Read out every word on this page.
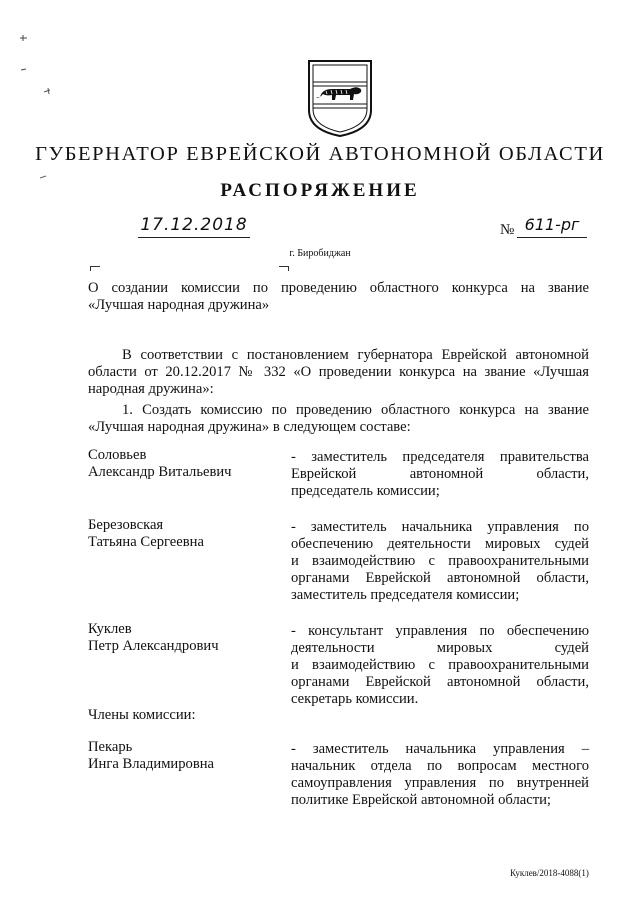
ГУБЕРНАТОР ЕВРЕЙСКОЙ АВТОНОМНОЙ ОБЛАСТИ
РАСПОРЯЖЕНИЕ
17.12.2018	№ 611-рг
г. Биробиджан
О создании комиссии по проведению областного конкурса на звание
«Лучшая народная дружина»
В соответствии с постановлением губернатора Еврейской автономной
области от 20.12.2017 № 332 «О проведении конкурса на звание «Лучшая
народная дружина»:
1. Создать комиссию по проведению областного конкурса на звание
«Лучшая народная дружина» в следующем составе:
Соловьев
Александр Витальевич
- заместитель председателя правительства
Еврейской автономной области,
председатель комиссии;
Березовская
Татьяна Сергеевна
- заместитель начальника управления по
обеспечению деятельности мировых судей
и взаимодействию с правоохранительными
органами Еврейской автономной области,
заместитель председателя комиссии;
Куклев
Петр Александрович
- консультант управления по обеспечению
деятельности мировых судей
и взаимодействию с правоохранительными
органами Еврейской автономной области,
секретарь комиссии.
Члены комиссии:
Пекарь
Инга Владимировна
- заместитель начальника управления –
начальник отдела по вопросам местного
самоуправления управления по внутренней
политике Еврейской автономной области;
Куклев/2018-4088(1)
